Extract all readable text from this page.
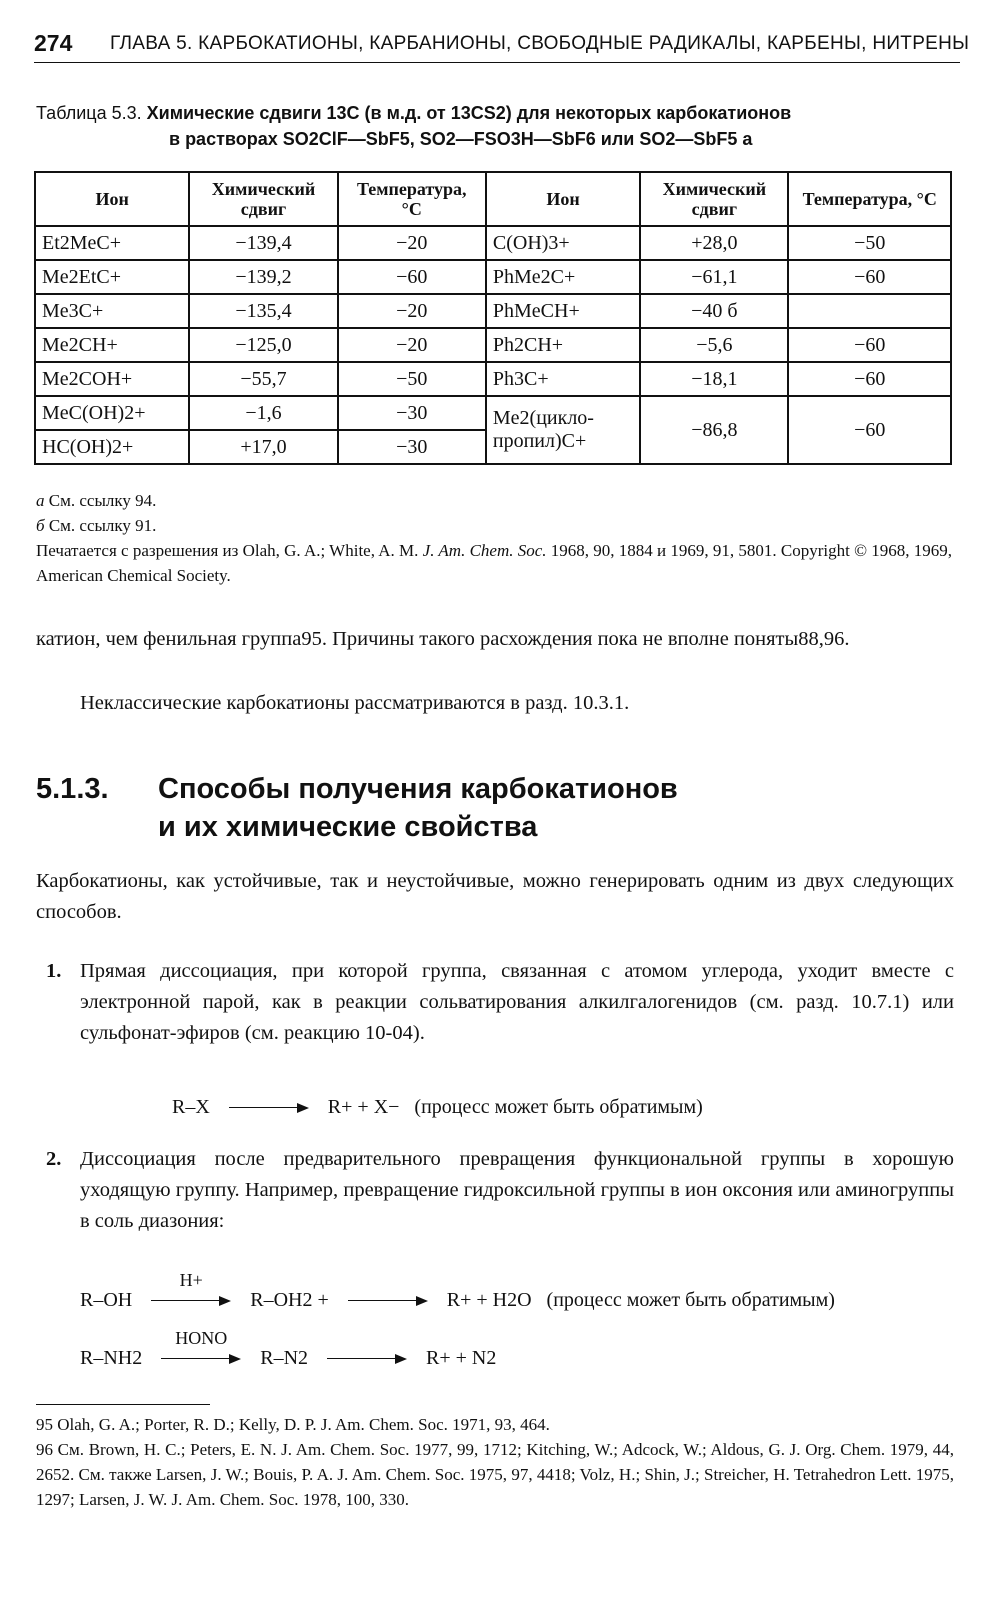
274 ГЛАВА 5. КАРБОКАТИОНЫ, КАРБАНИОНЫ, СВОБОДНЫЕ РАДИКАЛЫ, КАРБЕНЫ, НИТРЕНЫ
Таблица 5.3. Химические сдвиги 13C (в м.д. от 13CS2) для некоторых карбокатионов
в растворах SO2ClF—SbF5, SO2—FSO3H—SbF6 или SO2—SbF5 a
Ион	Химический сдвиг	Температура, °C	Ион	Химический сдвиг	Температура, °C
Et2MeC+	−139,4	−20	C(OH)3+	+28,0	−50
Me2EtC+	−139,2	−60	PhMe2C+	−61,1	−60
Me3C+	−135,4	−20	PhMeCH+	−40 б	
Me2CH+	−125,0	−20	Ph2CH+	−5,6	−60
Me2COH+	−55,7	−50	Ph3C+	−18,1	−60
MeC(OH)2+	−1,6	−30	Me2(цикло-пропил)C+	−86,8	−60
HC(OH)2+	+17,0	−30			

a См. ссылку 94.

б См. ссылку 91.

Печатается с разрешения из Olah, G. A.; White, A. M. J. Am. Chem. Soc. 1968, 90, 1884 и 1969, 91, 5801. Copyright © 1968, 1969, American Chemical Society.

катион, чем фенильная группа95. Причины такого расхождения пока не вполне поняты88,96.

Неклассические карбокатионы рассматриваются в разд. 10.3.1.

5.1.3. Способы получения карбокатионов
и их химические свойства

Карбокатионы, как устойчивые, так и неустойчивые, можно генерировать одним из двух следующих способов.

1. Прямая диссоциация, при которой группа, связанная с атомом углерода, уходит вместе с электронной парой, как в реакции сольватирования алкилгалогенидов (см. разд. 10.7.1) или сульфонат-эфиров (см. реакцию 10-04).
R–X	R+ + X− (процесс может быть обратимым)
2. Диссоциация после предварительного превращения функциональной группы в хорошую уходящую группу. Например, превращение гидроксильной группы в ион оксония или аминогруппы в соль диазония:
R–OH
H+
R–OH2 +	R+ + H2O (процесс может быть обратимым)
R–NH2
HONO
R–N2	R+ + N2

95 Olah, G. A.; Porter, R. D.; Kelly, D. P. J. Am. Chem. Soc. 1971, 93, 464.

96 См. Brown, H. C.; Peters, E. N. J. Am. Chem. Soc. 1977, 99, 1712; Kitching, W.; Adcock, W.; Aldous, G. J. Org. Chem. 1979, 44, 2652. См. также Larsen, J. W.; Bouis, P. A. J. Am. Chem. Soc. 1975, 97, 4418; Volz, H.; Shin, J.; Streicher, H. Tetrahedron Lett. 1975, 1297; Larsen, J. W. J. Am. Chem. Soc. 1978, 100, 330.
